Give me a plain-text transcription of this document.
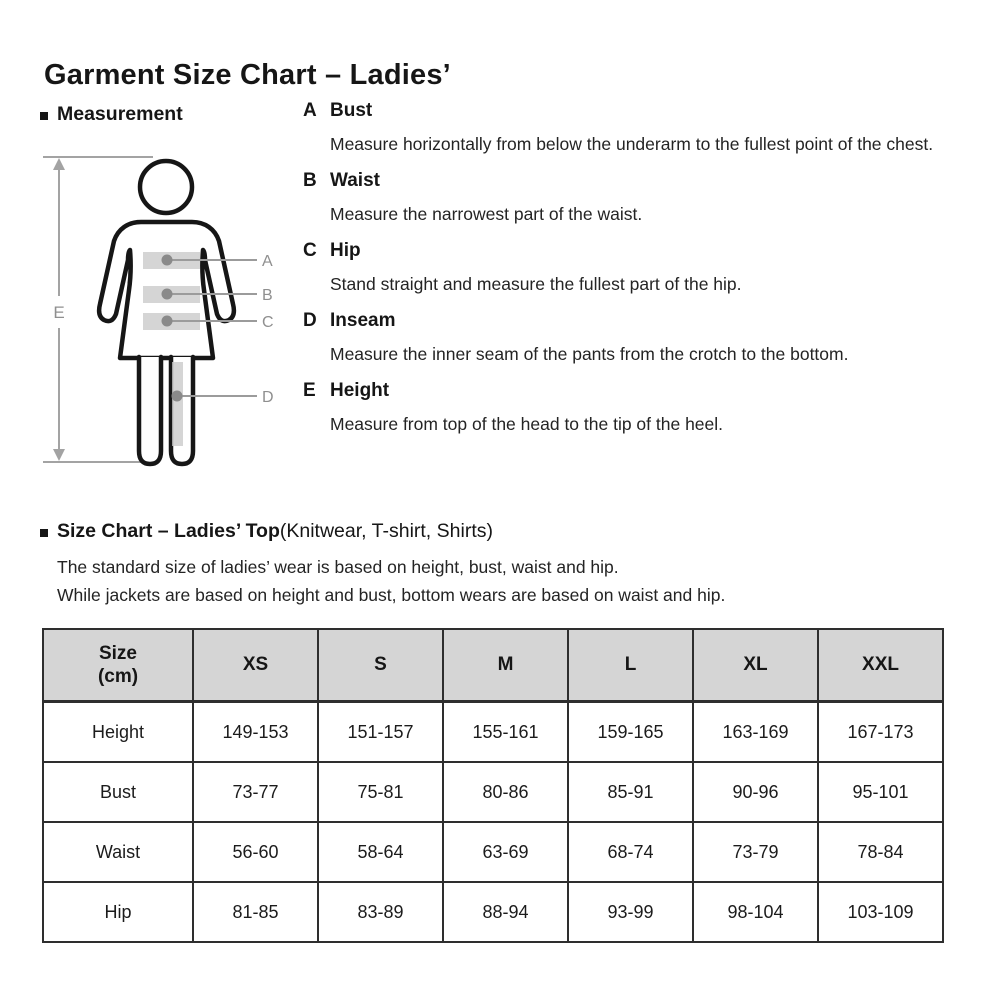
Garment Size Chart – Ladies’
Measurement
E
A
B
C
D
A Bust
Measure horizontally from below the underarm to the fullest point of the chest.
B Waist
Measure the narrowest part of the waist.
C Hip
Stand straight and measure the fullest part of the hip.
D Inseam
Measure the inner seam of the pants from the crotch to the bottom.
E Height
Measure from top of the head to the tip of the heel.
Size Chart – Ladies’ Top (Knitwear, T-shirt, Shirts)

The standard size of ladies’ wear is based on height, bust, waist and hip.

While jackets are based on height and bust, bottom wears are based on waist and hip.

Size
(cm)	XS	S	M	L	XL	XXL
Height	149-153	151-157	155-161	159-165	163-169	167-173
Bust	73-77	75-81	80-86	85-91	90-96	95-101
Waist	56-60	58-64	63-69	68-74	73-79	78-84
Hip	81-85	83-89	88-94	93-99	98-104	103-109
